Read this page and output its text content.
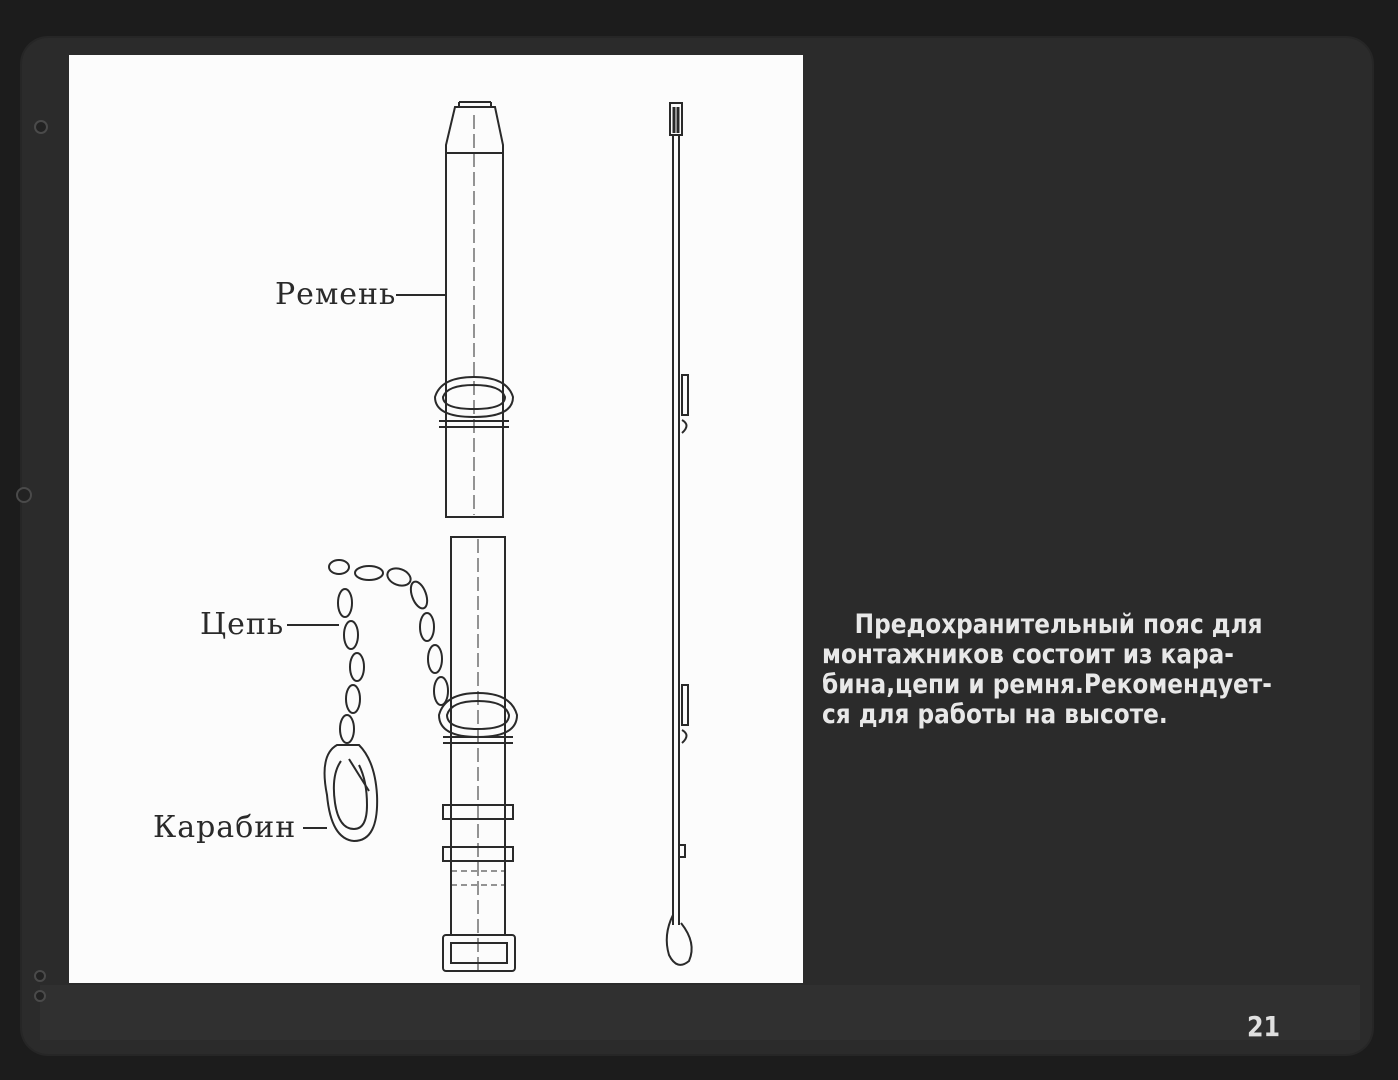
Ремень
Цепь
Карабин
Предохранительный пояс для
монтажников состоит из кара-
бина,цепи и ремня.Рекомендует-
ся для работы на высоте.
21
